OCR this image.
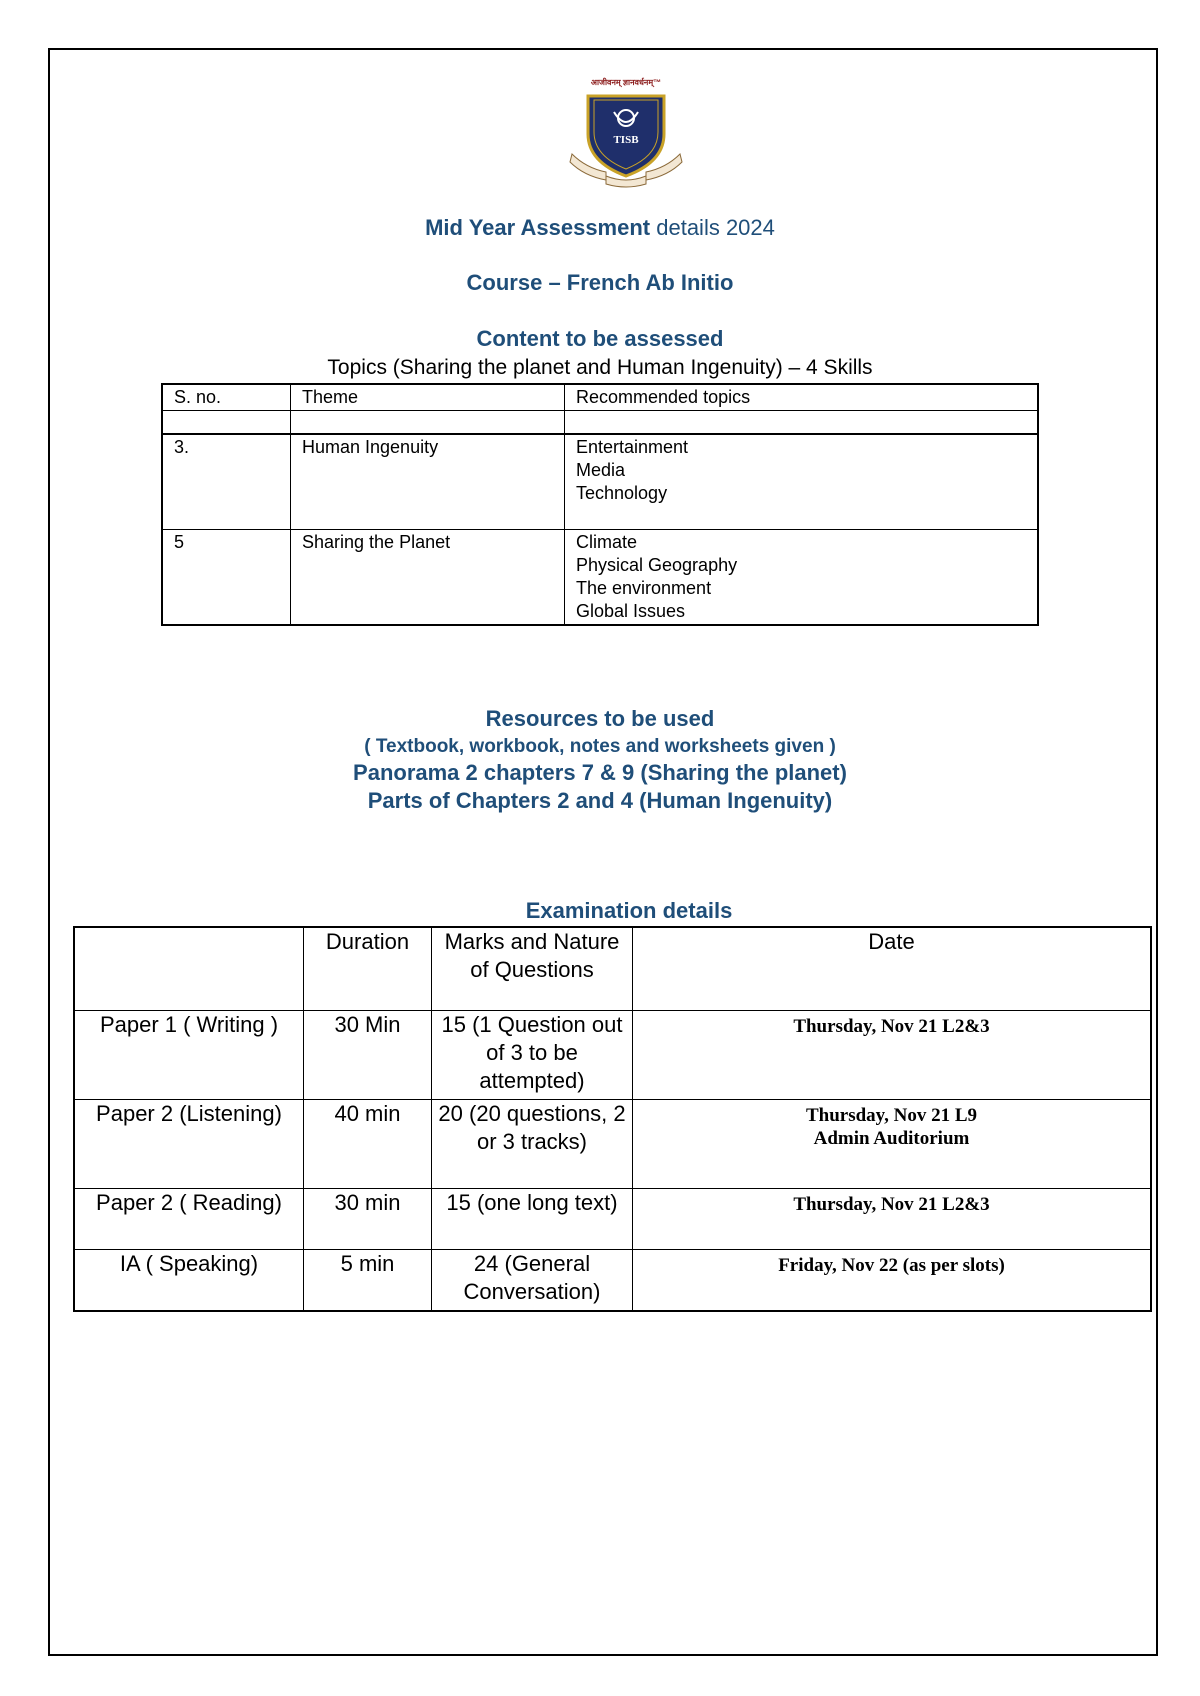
आजीवनम् ज्ञानवर्धनम्™
TISB
Mid Year Assessment details 2024
Course – French Ab Initio
Content to be assessed
Topics (Sharing the planet and Human Ingenuity) – 4 Skills
S. no.	Theme	Recommended topics

3.	Human Ingenuity	Entertainment
Media
Technology

5	Sharing the Planet	Climate
Physical Geography
The environment
Global Issues
Resources to be used
( Textbook, workbook, notes and worksheets given )
Panorama 2 chapters 7 & 9 (Sharing the planet)
Parts of Chapters 2 and 4 (Human Ingenuity)
Examination details
	Duration	Marks and Nature of Questions	Date
Paper 1 ( Writing )	30 Min	15 (1 Question out of 3 to be attempted)	Thursday, Nov 21 L2&3

Paper 2 (Listening)	40 min	20 (20 questions, 2 or 3 tracks)	Thursday, Nov 21 L9
Admin Auditorium

Paper 2 ( Reading)	30 min	15 (one long text)	Thursday, Nov 21 L2&3

IA ( Speaking)	5 min	24 (General Conversation)	Friday, Nov 22 (as per slots)
